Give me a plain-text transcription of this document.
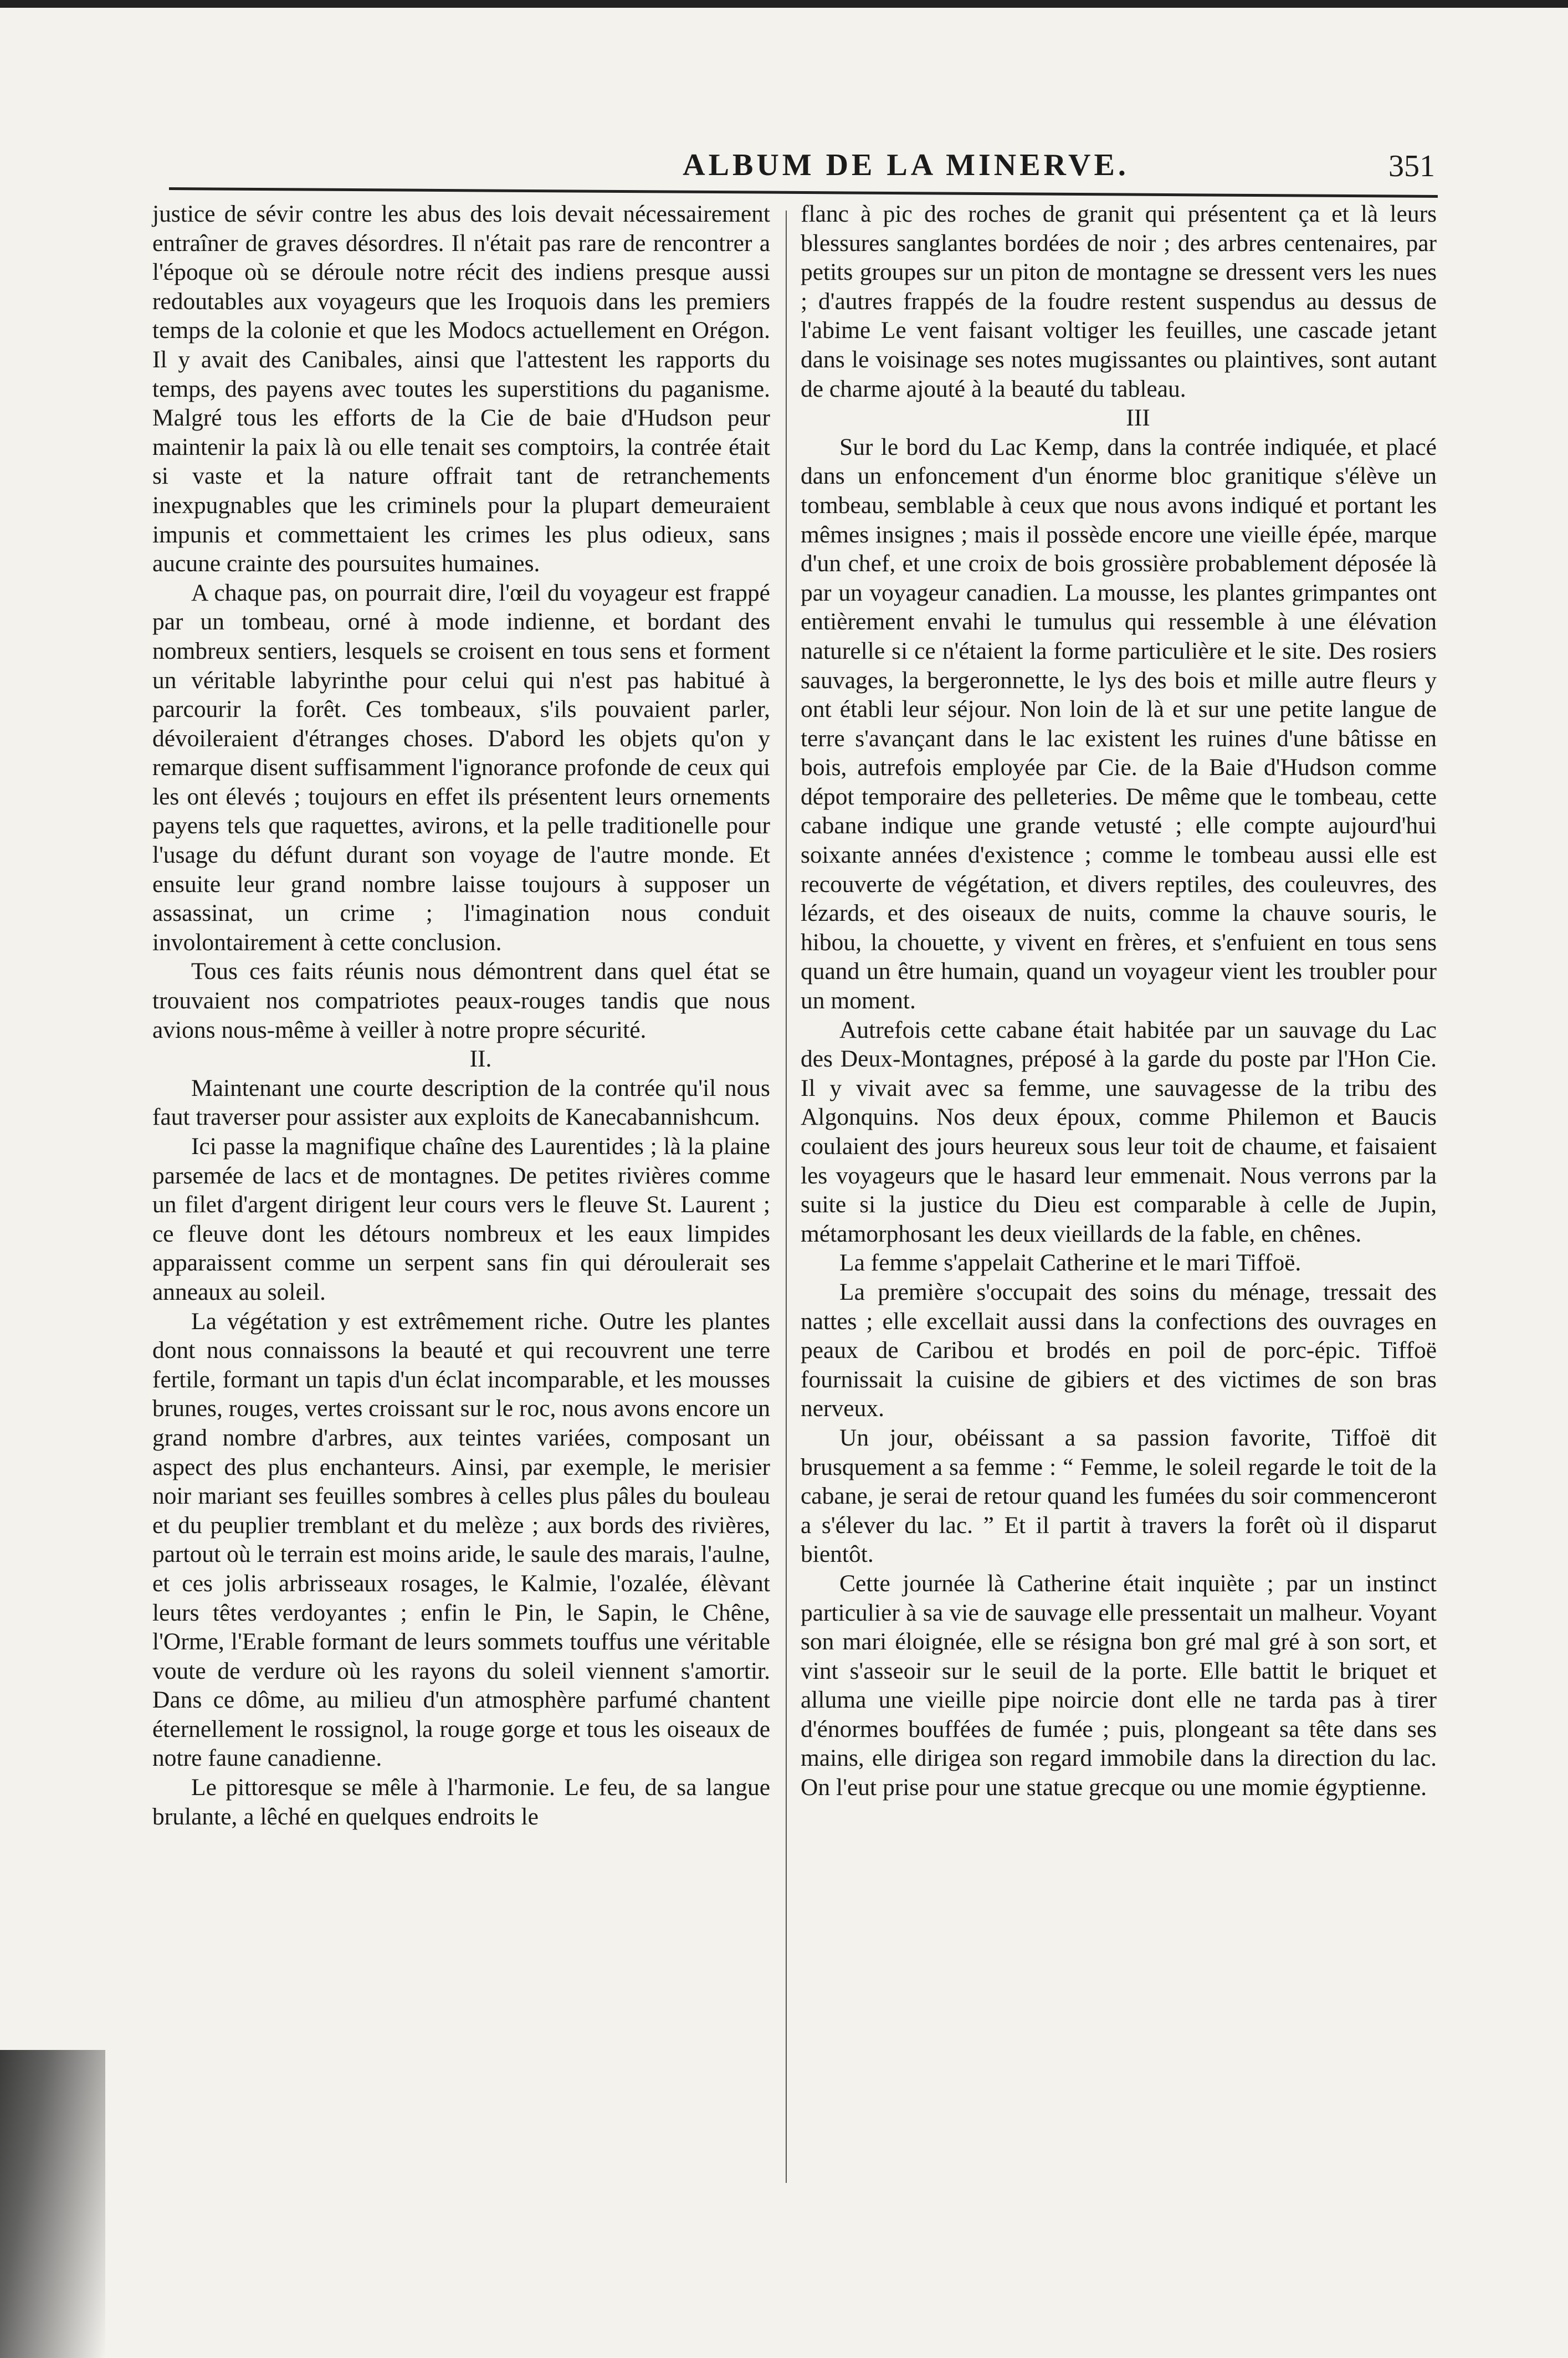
ALBUM DE LA MINERVE.	351

justice de sévir contre les abus des lois devait nécessairement entraîner de graves désordres. Il n'était pas rare de rencontrer a l'époque où se déroule notre récit des indiens presque aussi redoutables aux voyageurs que les Iroquois dans les premiers temps de la colonie et que les Modocs actuellement en Orégon. Il y avait des Canibales, ainsi que l'attestent les rapports du temps, des payens avec toutes les superstitions du paganisme. Malgré tous les efforts de la Cie de baie d'Hudson peur maintenir la paix là ou elle tenait ses comptoirs, la contrée était si vaste et la nature offrait tant de retranchements inexpugnables que les criminels pour la plupart demeuraient impunis et commettaient les crimes les plus odieux, sans aucune crainte des poursuites humaines.

A chaque pas, on pourrait dire, l'œil du voyageur est frappé par un tombeau, orné à mode indienne, et bordant des nombreux sentiers, lesquels se croisent en tous sens et forment un véritable labyrinthe pour celui qui n'est pas habitué à parcourir la forêt. Ces tombeaux, s'ils pouvaient parler, dévoileraient d'étranges choses. D'abord les objets qu'on y remarque disent suffisamment l'ignorance profonde de ceux qui les ont élevés ; toujours en effet ils présentent leurs ornements payens tels que raquettes, avirons, et la pelle traditionelle pour l'usage du défunt durant son voyage de l'autre monde. Et ensuite leur grand nombre laisse toujours à supposer un assassinat, un crime ; l'imagination nous conduit involontairement à cette conclusion.

Tous ces faits réunis nous démontrent dans quel état se trouvaient nos compatriotes peaux-rouges tandis que nous avions nous-même à veiller à notre propre sécurité.

II.

Maintenant une courte description de la contrée qu'il nous faut traverser pour assister aux exploits de Kanecabannishcum.

Ici passe la magnifique chaîne des Laurentides ; là la plaine parsemée de lacs et de montagnes. De petites rivières comme un filet d'argent dirigent leur cours vers le fleuve St. Laurent ; ce fleuve dont les détours nombreux et les eaux limpides apparaissent comme un serpent sans fin qui déroulerait ses anneaux au soleil.

La végétation y est extrêmement riche. Outre les plantes dont nous connaissons la beauté et qui recouvrent une terre fertile, formant un tapis d'un éclat incomparable, et les mousses brunes, rouges, vertes croissant sur le roc, nous avons encore un grand nombre d'arbres, aux teintes variées, composant un aspect des plus enchanteurs. Ainsi, par exemple, le merisier noir mariant ses feuilles sombres à celles plus pâles du bouleau et du peuplier tremblant et du melèze ; aux bords des rivières, partout où le terrain est moins aride, le saule des marais, l'aulne, et ces jolis arbrisseaux rosages, le Kalmie, l'ozalée, élèvant leurs têtes verdoyantes ; enfin le Pin, le Sapin, le Chêne, l'Orme, l'Erable formant de leurs sommets touffus une véritable voute de verdure où les rayons du soleil viennent s'amortir. Dans ce dôme, au milieu d'un atmosphère parfumé chantent éternellement le rossignol, la rouge gorge et tous les oiseaux de notre faune canadienne.

Le pittoresque se mêle à l'harmonie. Le feu, de sa langue brulante, a lêché en quelques endroits le

flanc à pic des roches de granit qui présentent ça et là leurs blessures sanglantes bordées de noir ; des arbres centenaires, par petits groupes sur un piton de montagne se dressent vers les nues ; d'autres frappés de la foudre restent suspendus au dessus de l'abime Le vent faisant voltiger les feuilles, une cascade jetant dans le voisinage ses notes mugissantes ou plaintives, sont autant de charme ajouté à la beauté du tableau.

III

Sur le bord du Lac Kemp, dans la contrée indiquée, et placé dans un enfoncement d'un énorme bloc granitique s'élève un tombeau, semblable à ceux que nous avons indiqué et portant les mêmes insignes ; mais il possède encore une vieille épée, marque d'un chef, et une croix de bois grossière probablement déposée là par un voyageur canadien. La mousse, les plantes grimpantes ont entièrement envahi le tumulus qui ressemble à une élévation naturelle si ce n'étaient la forme particulière et le site. Des rosiers sauvages, la bergeronnette, le lys des bois et mille autre fleurs y ont établi leur séjour. Non loin de là et sur une petite langue de terre s'avançant dans le lac existent les ruines d'une bâtisse en bois, autrefois employée par Cie. de la Baie d'Hudson comme dépot temporaire des pelleteries. De même que le tombeau, cette cabane indique une grande vetusté ; elle compte aujourd'hui soixante années d'existence ; comme le tombeau aussi elle est recouverte de végétation, et divers reptiles, des couleuvres, des lézards, et des oiseaux de nuits, comme la chauve souris, le hibou, la chouette, y vivent en frères, et s'enfuient en tous sens quand un être humain, quand un voyageur vient les troubler pour un moment.

Autrefois cette cabane était habitée par un sauvage du Lac des Deux-Montagnes, préposé à la garde du poste par l'Hon Cie. Il y vivait avec sa femme, une sauvagesse de la tribu des Algonquins. Nos deux époux, comme Philemon et Baucis coulaient des jours heureux sous leur toit de chaume, et faisaient les voyageurs que le hasard leur emmenait. Nous verrons par la suite si la justice du Dieu est comparable à celle de Jupin, métamorphosant les deux vieillards de la fable, en chênes.

La femme s'appelait Catherine et le mari Tiffoë.

La première s'occupait des soins du ménage, tressait des nattes ; elle excellait aussi dans la confections des ouvrages en peaux de Caribou et brodés en poil de porc-épic. Tiffoë fournissait la cuisine de gibiers et des victimes de son bras nerveux.

Un jour, obéissant a sa passion favorite, Tiffoë dit brusquement a sa femme : “ Femme, le soleil regarde le toit de la cabane, je serai de retour quand les fumées du soir commenceront a s'élever du lac. ” Et il partit à travers la forêt où il disparut bientôt.

Cette journée là Catherine était inquiète ; par un instinct particulier à sa vie de sauvage elle pressentait un malheur. Voyant son mari éloignée, elle se résigna bon gré mal gré à son sort, et vint s'asseoir sur le seuil de la porte. Elle battit le briquet et alluma une vieille pipe noircie dont elle ne tarda pas à tirer d'énormes bouffées de fumée ; puis, plongeant sa tête dans ses mains, elle dirigea son regard immobile dans la direction du lac. On l'eut prise pour une statue grecque ou une momie égyptienne.
